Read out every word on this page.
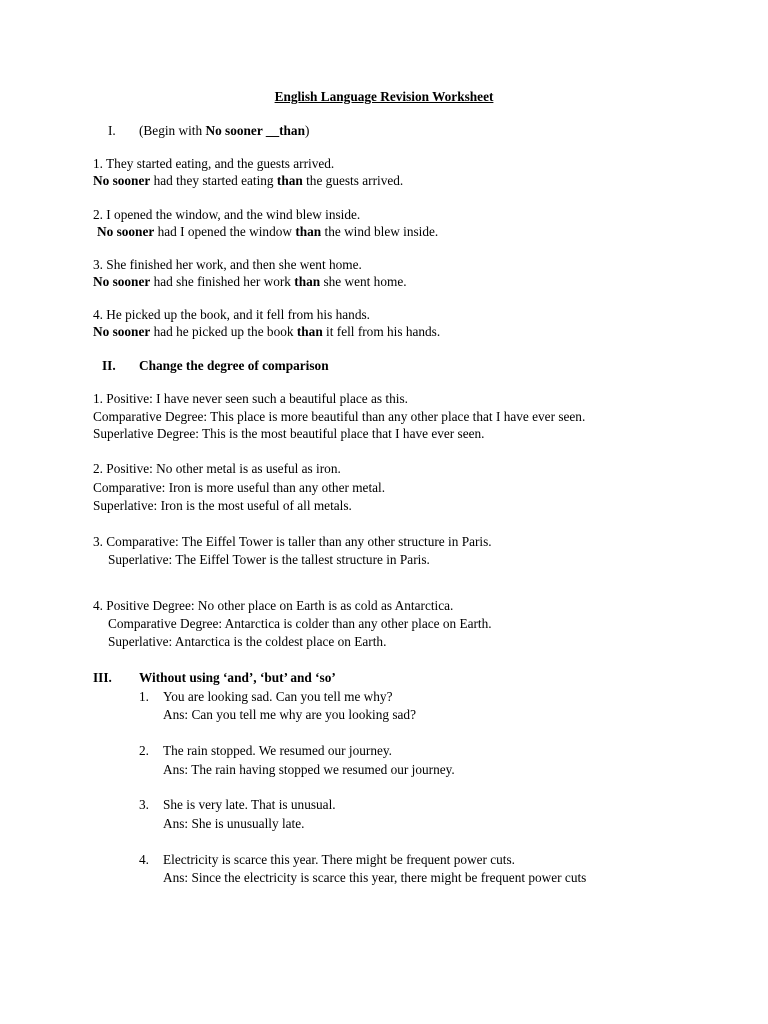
English Language Revision Worksheet
I. (Begin with No sooner __than)
1. They started eating, and the guests arrived.
No sooner had they started eating than the guests arrived.
2. I opened the window, and the wind blew inside.
No sooner had I opened the window than the wind blew inside.
3. She finished her work, and then she went home.
No sooner had she finished her work than she went home.
4. He picked up the book, and it fell from his hands.
No sooner had he picked up the book than it fell from his hands.
II. Change the degree of comparison
1. Positive: I have never seen such a beautiful place as this.
Comparative Degree: This place is more beautiful than any other place that I have ever seen.
Superlative Degree: This is the most beautiful place that I have ever seen.
2. Positive: No other metal is as useful as iron.
Comparative: Iron is more useful than any other metal.
Superlative: Iron is the most useful of all metals.
3. Comparative: The Eiffel Tower is taller than any other structure in Paris.
Superlative: The Eiffel Tower is the tallest structure in Paris.
4. Positive Degree: No other place on Earth is as cold as Antarctica.
Comparative Degree: Antarctica is colder than any other place on Earth.
Superlative: Antarctica is the coldest place on Earth.
III. Without using ‘and’, ‘but’ and ‘so’
1. You are looking sad. Can you tell me why?
Ans: Can you tell me why are you looking sad?
2. The rain stopped. We resumed our journey.
Ans: The rain having stopped we resumed our journey.
3. She is very late. That is unusual.
Ans: She is unusually late.
4. Electricity is scarce this year. There might be frequent power cuts.
Ans: Since the electricity is scarce this year, there might be frequent power cuts
